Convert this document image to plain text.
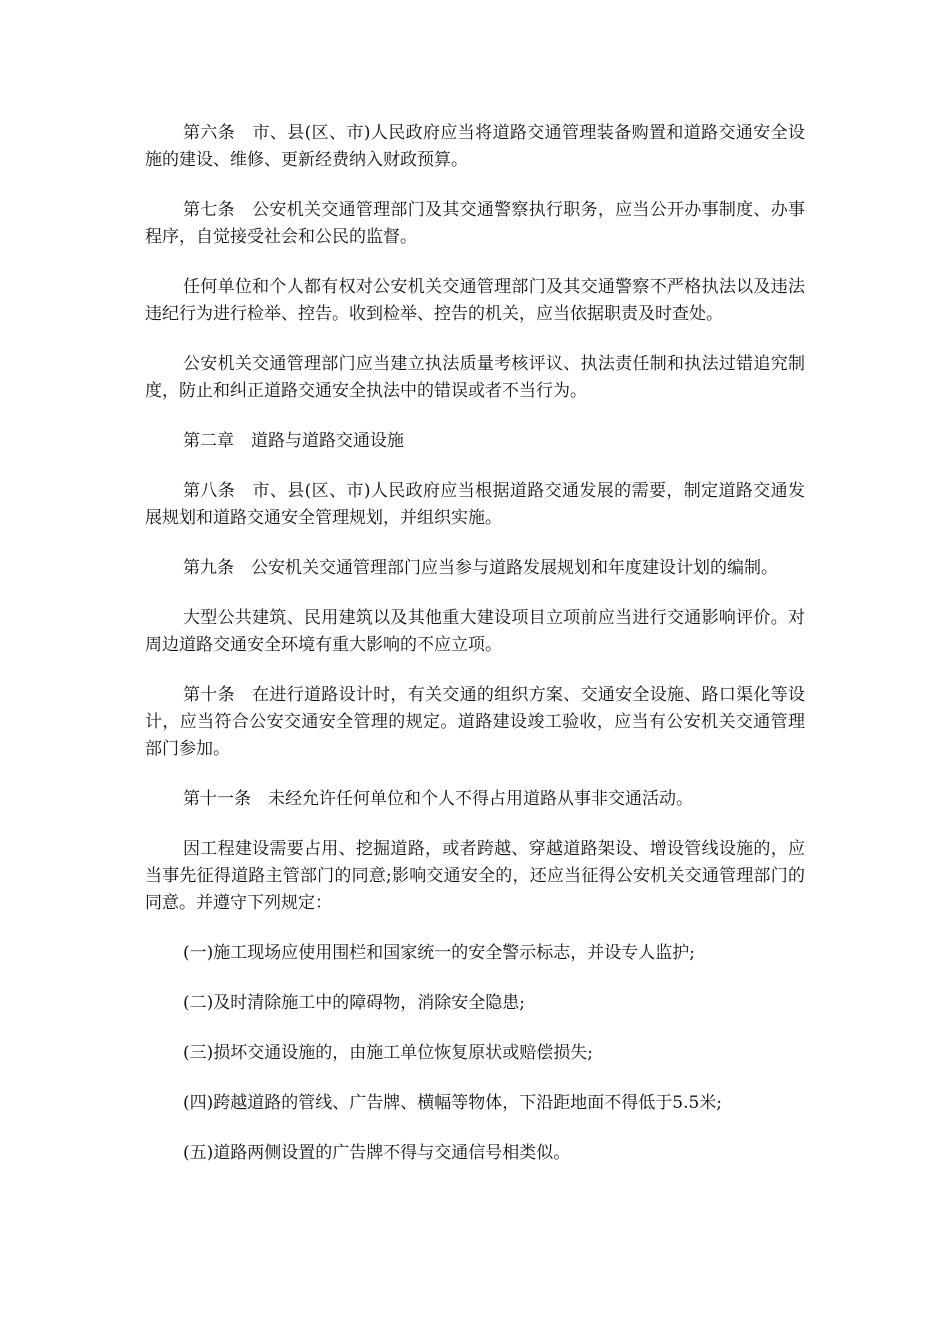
第六条　市、县(区、市)人民政府应当将道路交通管理装备购置和道路交通安全设施的建设、维修、更新经费纳入财政预算。

第七条　公安机关交通管理部门及其交通警察执行职务，应当公开办事制度、办事程序，自觉接受社会和公民的监督。

任何单位和个人都有权对公安机关交通管理部门及其交通警察不严格执法以及违法违纪行为进行检举、控告。收到检举、控告的机关，应当依据职责及时查处。

公安机关交通管理部门应当建立执法质量考核评议、执法责任制和执法过错追究制度，防止和纠正道路交通安全执法中的错误或者不当行为。

第二章　道路与道路交通设施

第八条　市、县(区、市)人民政府应当根据道路交通发展的需要，制定道路交通发展规划和道路交通安全管理规划，并组织实施。

第九条　公安机关交通管理部门应当参与道路发展规划和年度建设计划的编制。

大型公共建筑、民用建筑以及其他重大建设项目立项前应当进行交通影响评价。对周边道路交通安全环境有重大影响的不应立项。

第十条　在进行道路设计时，有关交通的组织方案、交通安全设施、路口渠化等设计，应当符合公安交通安全管理的规定。道路建设竣工验收，应当有公安机关交通管理部门参加。

第十一条　未经允许任何单位和个人不得占用道路从事非交通活动。

因工程建设需要占用、挖掘道路，或者跨越、穿越道路架设、增设管线设施的，应当事先征得道路主管部门的同意;影响交通安全的，还应当征得公安机关交通管理部门的同意。并遵守下列规定：

(一)施工现场应使用围栏和国家统一的安全警示标志，并设专人监护;

(二)及时清除施工中的障碍物，消除安全隐患;

(三)损坏交通设施的，由施工单位恢复原状或赔偿损失;

(四)跨越道路的管线、广告牌、横幅等物体，下沿距地面不得低于5.5米;

(五)道路两侧设置的广告牌不得与交通信号相类似。
